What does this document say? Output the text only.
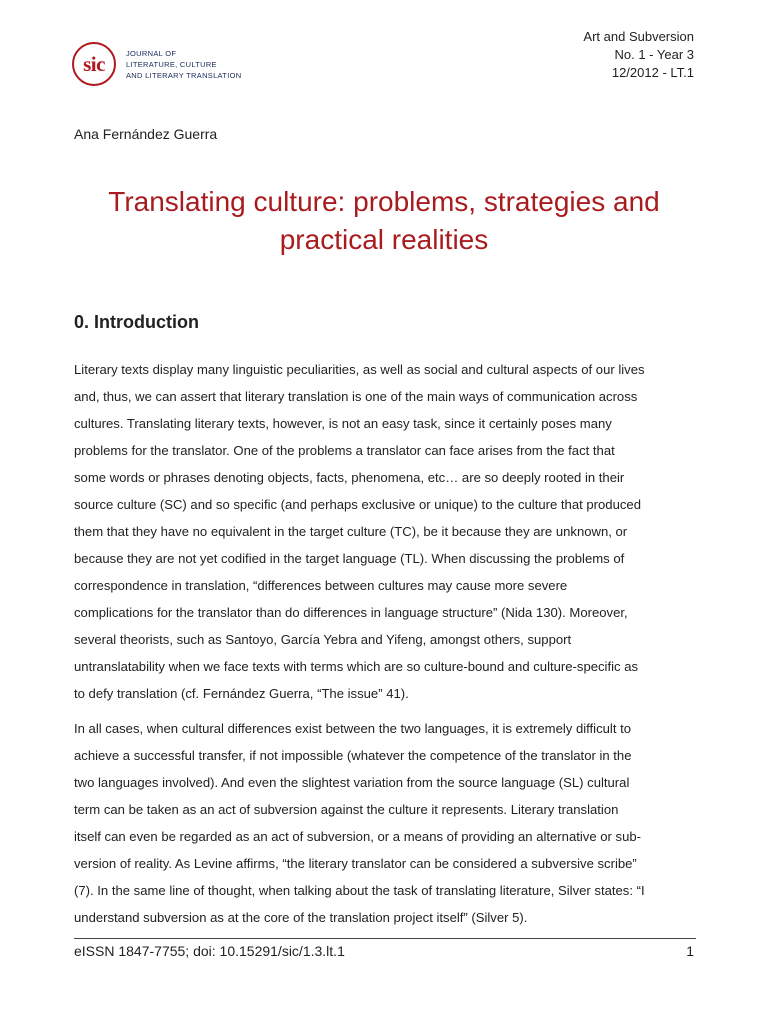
sic	JOURNAL OF
LITERATURE, CULTURE
AND LITERARY TRANSLATION
Art and Subversion
No. 1 - Year 3
12/2012 - LT.1
Ana Fernández Guerra
Translating culture: problems, strategies and
practical realities
0. Introduction

Literary texts display many linguistic peculiarities, as well as social and cultural aspects of our lives
and, thus, we can assert that literary translation is one of the main ways of communication across
cultures. Translating literary texts, however, is not an easy task, since it certainly poses many
problems for the translator. One of the problems a translator can face arises from the fact that
some words or phrases denoting objects, facts, phenomena, etc… are so deeply rooted in their
source culture (SC) and so specific (and perhaps exclusive or unique) to the culture that produced
them that they have no equivalent in the target culture (TC), be it because they are unknown, or
because they are not yet codified in the target language (TL). When discussing the problems of
correspondence in translation, “differences between cultures may cause more severe
complications for the translator than do differences in language structure” (Nida 130). Moreover,
several theorists, such as Santoyo, García Yebra and Yifeng, amongst others, support
untranslatability when we face texts with terms which are so culture-bound and culture-specific as
to defy translation (cf. Fernández Guerra, “The issue” 41).

In all cases, when cultural differences exist between the two languages, it is extremely difficult to
achieve a successful transfer, if not impossible (whatever the competence of the translator in the
two languages involved). And even the slightest variation from the source language (SL) cultural
term can be taken as an act of subversion against the culture it represents. Literary translation
itself can even be regarded as an act of subversion, or a means of providing an alternative or sub-
version of reality. As Levine affirms, “the literary translator can be considered a subversive scribe”
(7). In the same line of thought, when talking about the task of translating literature, Silver states: “I
understand subversion as at the core of the translation project itself” (Silver 5).

eISSN 1847-7755; doi: 10.15291/sic/1.3.lt.1	1
